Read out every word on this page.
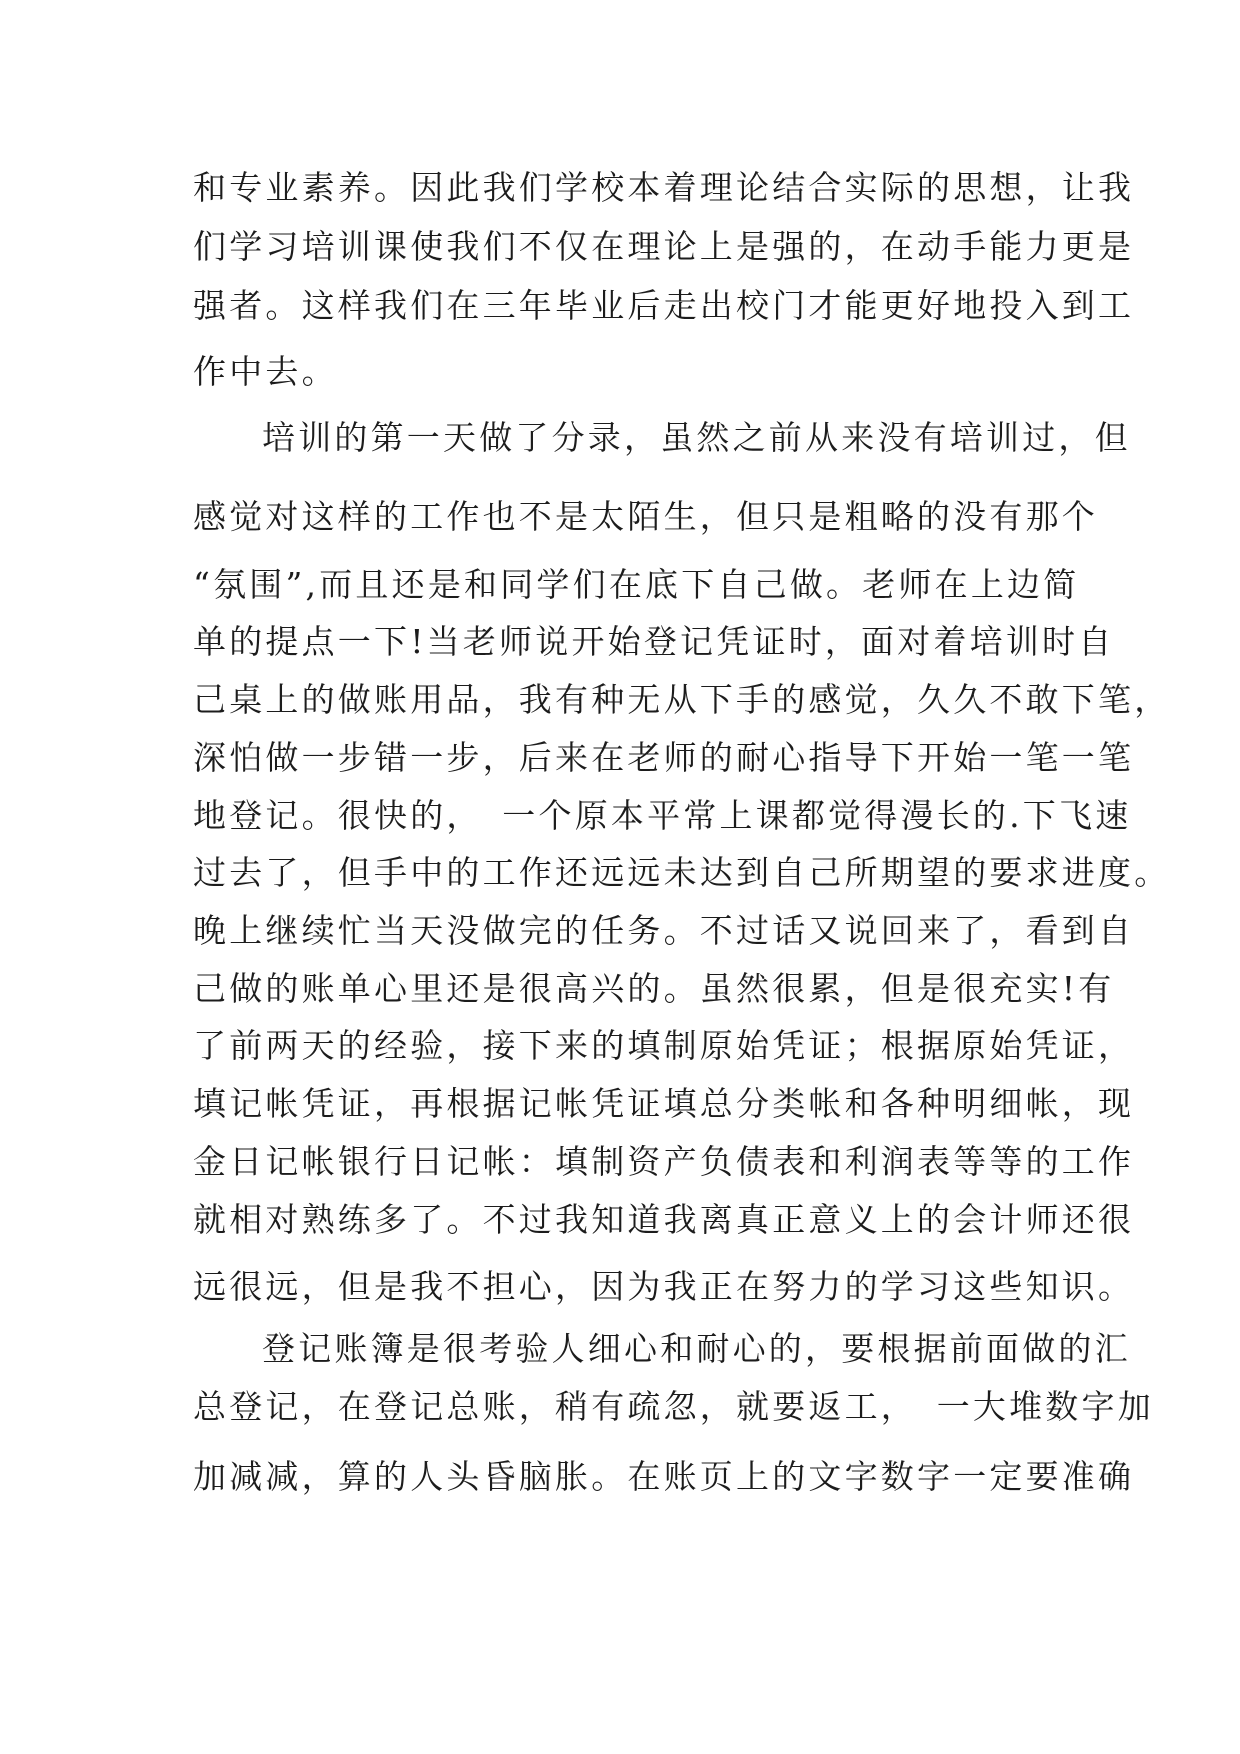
和专业素养。因此我们学校本着理论结合实际的思想，让我

们学习培训课使我们不仅在理论上是强的，在动手能力更是

强者。这样我们在三年毕业后走出校门才能更好地投入到工

作中去。

培训的第一天做了分录，虽然之前从来没有培训过，但

感觉对这样的工作也不是太陌生，但只是粗略的没有那个

“氛围”,而且还是和同学们在底下自己做。老师在上边简

单的提点一下!当老师说开始登记凭证时，面对着培训时自

己桌上的做账用品，我有种无从下手的感觉，久久不敢下笔，

深怕做一步错一步，后来在老师的耐心指导下开始一笔一笔

地登记。很快的，　一个原本平常上课都觉得漫长的.下飞速

过去了，但手中的工作还远远未达到自己所期望的要求进度。

晚上继续忙当天没做完的任务。不过话又说回来了，看到自

己做的账单心里还是很高兴的。虽然很累，但是很充实!有

了前两天的经验，接下来的填制原始凭证；根据原始凭证，

填记帐凭证，再根据记帐凭证填总分类帐和各种明细帐，现

金日记帐银行日记帐：填制资产负债表和利润表等等的工作

就相对熟练多了。不过我知道我离真正意义上的会计师还很

远很远，但是我不担心，因为我正在努力的学习这些知识。

登记账簿是很考验人细心和耐心的，要根据前面做的汇

总登记，在登记总账，稍有疏忽，就要返工，　一大堆数字加

加减减，算的人头昏脑胀。在账页上的文字数字一定要准确
